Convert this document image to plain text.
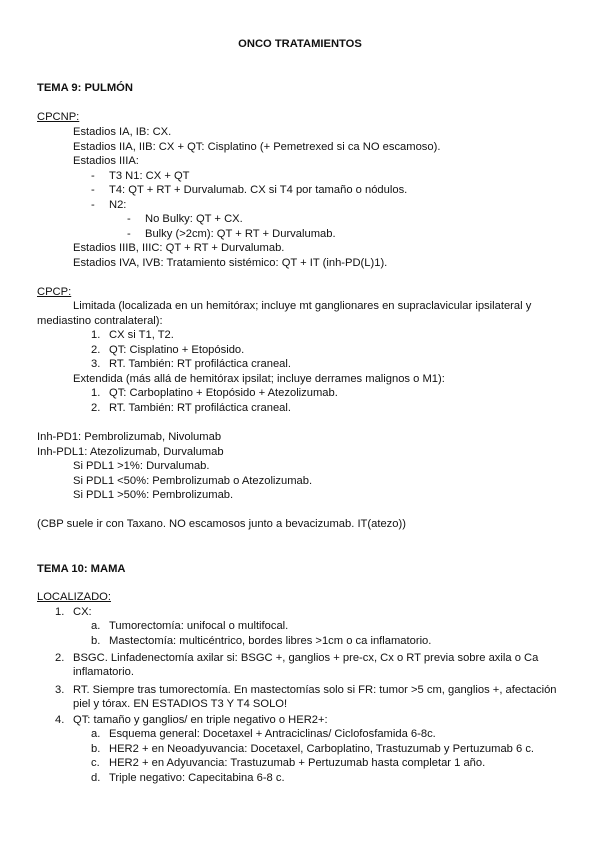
ONCO TRATAMIENTOS
TEMA 9: PULMÓN
CPCNP:
Estadios IA, IB: CX.
Estadios IIA, IIB: CX + QT: Cisplatino (+ Pemetrexed si ca NO escamoso).
Estadios IIIA:
- T3 N1: CX + QT
- T4: QT + RT + Durvalumab. CX si T4 por tamaño o nódulos.
- N2:
- No Bulky: QT + CX.
- Bulky (>2cm): QT + RT + Durvalumab.
Estadios IIIB, IIIC: QT + RT + Durvalumab.
Estadios IVA, IVB: Tratamiento sistémico: QT + IT (inh-PD(L)1).
CPCP:
Limitada (localizada en un hemitórax; incluye mt ganglionares en supraclavicular ipsilateral y
mediastino contralateral):
1. CX si T1, T2.
2. QT: Cisplatino + Etopósido.
3. RT. También: RT profiláctica craneal.
Extendida (más allá de hemitórax ipsilat; incluye derrames malignos o M1):
1. QT: Carboplatino + Etopósido + Atezolizumab.
2. RT. También: RT profiláctica craneal.
Inh-PD1: Pembrolizumab, Nivolumab
Inh-PDL1: Atezolizumab, Durvalumab
Si PDL1 >1%: Durvalumab.
Si PDL1 <50%: Pembrolizumab o Atezolizumab.
Si PDL1 >50%: Pembrolizumab.
(CBP suele ir con Taxano. NO escamosos junto a bevacizumab. IT(atezo))
TEMA 10: MAMA
LOCALIZADO:
1. CX:
a. Tumorectomía: unifocal o multifocal.
b. Mastectomía: multicéntrico, bordes libres >1cm o ca inflamatorio.
2. BSGC. Linfadenectomía axilar si: BSGC +, ganglios + pre-cx, Cx o RT previa sobre axila o Ca
inflamatorio.
3. RT. Siempre tras tumorectomía. En mastectomías solo si FR: tumor >5 cm, ganglios +, afectación
piel y tórax. EN ESTADIOS T3 Y T4 SOLO!
4. QT: tamaño y ganglios/ en triple negativo o HER2+:
a. Esquema general: Docetaxel + Antraciclinas/ Ciclofosfamida 6-8c.
b. HER2 + en Neoadyuvancia: Docetaxel, Carboplatino, Trastuzumab y Pertuzumab 6 c.
c. HER2 + en Adyuvancia: Trastuzumab + Pertuzumab hasta completar 1 año.
d. Triple negativo: Capecitabina 6-8 c.
